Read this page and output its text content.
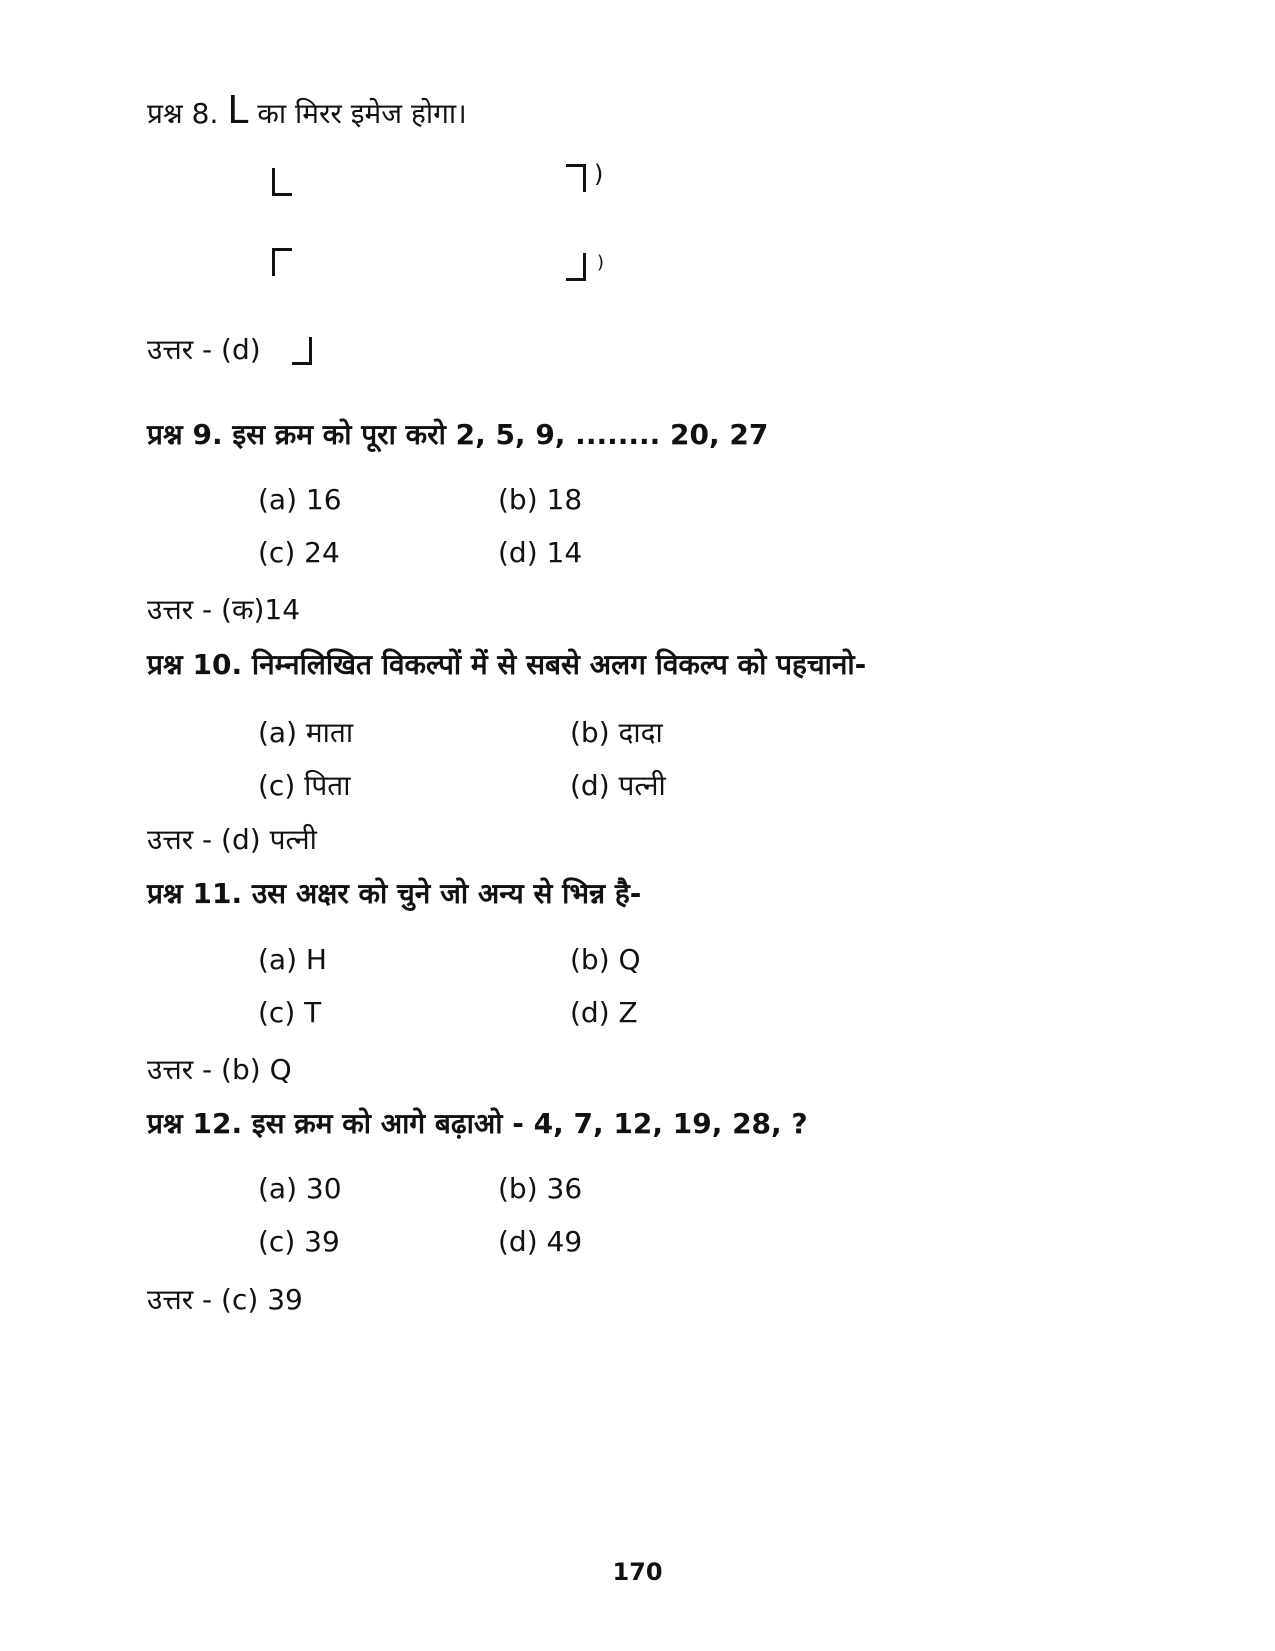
प्रश्न 8. L का मिरर इमेज होगा।
)
)
उत्तर - (d)
प्रश्न 9. इस क्रम को पूरा करो 2, 5, 9, ........ 20, 27
(a) 16	(b) 18
(c) 24	(d) 14
उत्तर - (क)14
प्रश्न 10. निम्नलिखित विकल्पों में से सबसे अलग विकल्प को पहचानो-
(a) माता	(b) दादा
(c) पिता	(d) पत्नी
उत्तर - (d) पत्नी
प्रश्न 11. उस अक्षर को चुने जो अन्य से भिन्न है-
(a) H	(b) Q
(c) T	(d) Z
उत्तर - (b) Q
प्रश्न 12. इस क्रम को आगे बढ़ाओ - 4, 7, 12, 19, 28, ?
(a) 30	(b) 36
(c) 39	(d) 49
उत्तर - (c) 39
170
